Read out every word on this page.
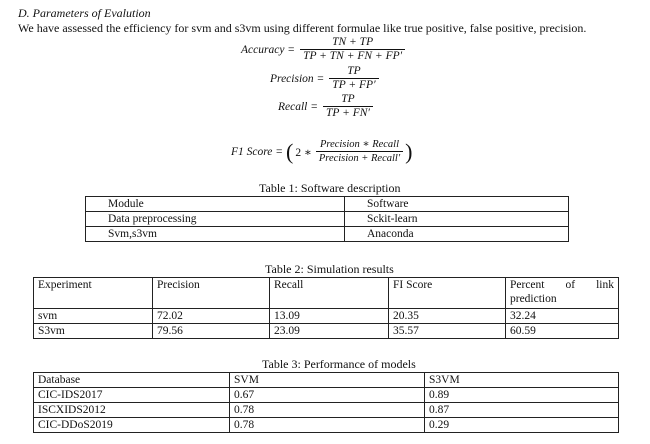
D. Parameters of Evalution
We have assessed the efficiency for svm and s3vm using different formulae like true positive, false positive, precision.
Accuracy = $\frac{TN + TP}{TP + TN + FN + FP'}$
Precision = $\frac{TP}{TP + FP'}$
Recall = $\frac{TP}{TP + FN'}$
F1 Score = ( 2 ∗ $\frac{\text{Precision ∗ Recall}}{\text{Precision + Recall′}}$ )
Table 1: Software description
Module	Software
Data preprocessing	Sckit-learn
Svm,s3vm	Anaconda
Table 2: Simulation results
Experiment	Precision	Recall	FI Score	Percent of link
prediction

svm	72.02	13.09	20.35	32.24
S3vm	79.56	23.09	35.57	60.59
Table 3: Performance of models
Database	SVM	S3VM
CIC-IDS2017	0.67	0.89
ISCXIDS2012	0.78	0.87
CIC-DDoS2019	0.78	0.29
